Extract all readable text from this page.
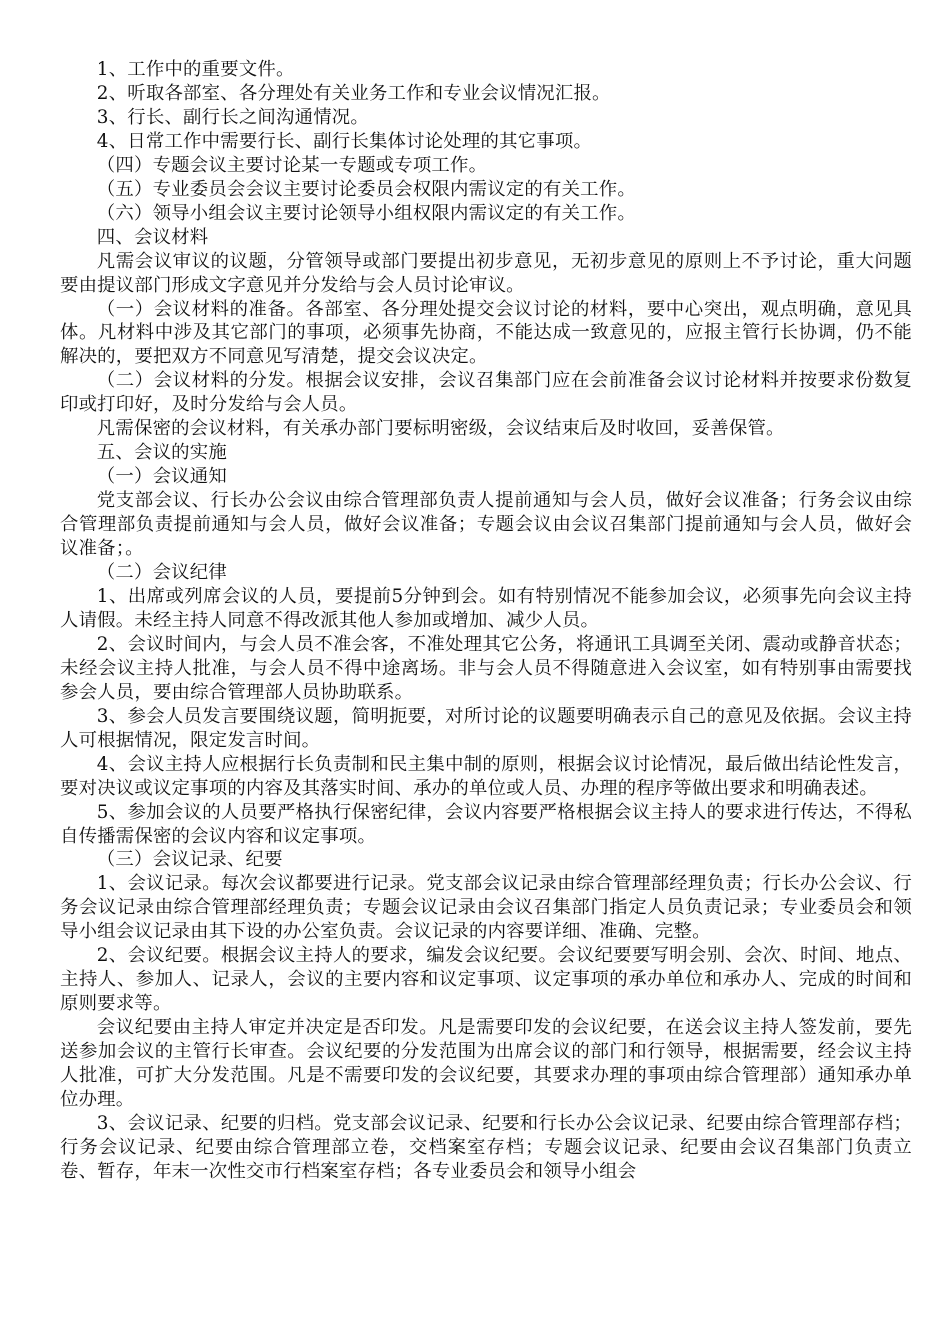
1、工作中的重要文件。

2、听取各部室、各分理处有关业务工作和专业会议情况汇报。

3、行长、副行长之间沟通情况。

4、日常工作中需要行长、副行长集体讨论处理的其它事项。

（四）专题会议主要讨论某一专题或专项工作。

（五）专业委员会会议主要讨论委员会权限内需议定的有关工作。

（六）领导小组会议主要讨论领导小组权限内需议定的有关工作。

四、会议材料

凡需会议审议的议题，分管领导或部门要提出初步意见，无初步意见的原则上不予讨论，重大问题要由提议部门形成文字意见并分发给与会人员讨论审议。

（一）会议材料的准备。各部室、各分理处提交会议讨论的材料，要中心突出，观点明确，意见具体。凡材料中涉及其它部门的事项，必须事先协商，不能达成一致意见的，应报主管行长协调，仍不能解决的，要把双方不同意见写清楚，提交会议决定。

（二）会议材料的分发。根据会议安排，会议召集部门应在会前准备会议讨论材料并按要求份数复印或打印好，及时分发给与会人员。

凡需保密的会议材料，有关承办部门要标明密级，会议结束后及时收回，妥善保管。

五、会议的实施

（一）会议通知

党支部会议、行长办公会议由综合管理部负责人提前通知与会人员，做好会议准备；行务会议由综合管理部负责提前通知与会人员，做好会议准备；专题会议由会议召集部门提前通知与会人员，做好会议准备；。

（二）会议纪律

1、出席或列席会议的人员，要提前5分钟到会。如有特别情况不能参加会议，必须事先向会议主持人请假。未经主持人同意不得改派其他人参加或增加、减少人员。

2、会议时间内，与会人员不准会客，不准处理其它公务，将通讯工具调至关闭、震动或静音状态；未经会议主持人批准，与会人员不得中途离场。非与会人员不得随意进入会议室，如有特别事由需要找参会人员，要由综合管理部人员协助联系。

3、参会人员发言要围绕议题，简明扼要，对所讨论的议题要明确表示自己的意见及依据。会议主持人可根据情况，限定发言时间。

4、会议主持人应根据行长负责制和民主集中制的原则，根据会议讨论情况，最后做出结论性发言，要对决议或议定事项的内容及其落实时间、承办的单位或人员、办理的程序等做出要求和明确表述。

5、参加会议的人员要严格执行保密纪律，会议内容要严格根据会议主持人的要求进行传达，不得私自传播需保密的会议内容和议定事项。

（三）会议记录、纪要

1、会议记录。每次会议都要进行记录。党支部会议记录由综合管理部经理负责；行长办公会议、行务会议记录由综合管理部经理负责；专题会议记录由会议召集部门指定人员负责记录；专业委员会和领导小组会议记录由其下设的办公室负责。会议记录的内容要详细、准确、完整。

2、会议纪要。根据会议主持人的要求，编发会议纪要。会议纪要要写明会别、会次、时间、地点、主持人、参加人、记录人，会议的主要内容和议定事项、议定事项的承办单位和承办人、完成的时间和原则要求等。

会议纪要由主持人审定并决定是否印发。凡是需要印发的会议纪要，在送会议主持人签发前，要先送参加会议的主管行长审查。会议纪要的分发范围为出席会议的部门和行领导，根据需要，经会议主持人批准，可扩大分发范围。凡是不需要印发的会议纪要，其要求办理的事项由综合管理部）通知承办单位办理。

3、会议记录、纪要的归档。党支部会议记录、纪要和行长办公会议记录、纪要由综合管理部存档；行务会议记录、纪要由综合管理部立卷，交档案室存档；专题会议记录、纪要由会议召集部门负责立卷、暂存，年末一次性交市行档案室存档；各专业委员会和领导小组会
